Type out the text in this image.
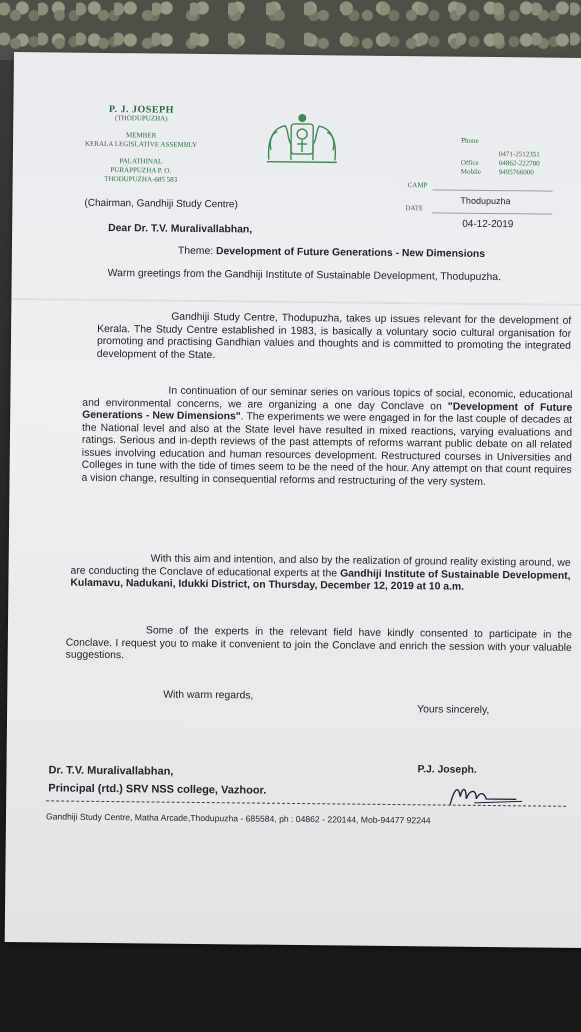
P. J. JOSEPH
(THODUPUZHA)
MEMBER
KERALA LEGISLATIVE ASSEMBLY
PALATHINAL
PURAPPUZHA P. O.
THODUPUZHA-685 583
Phone
0471-2512351
Office	04862-222780
Mobile	9495766000
CAMP
Thodupuzha
DATE
04-12-2019
(Chairman, Gandhiji Study Centre)
Dear Dr. T.V. Muralivallabhan,
Theme: Development of Future Generations - New Dimensions
Warm greetings from the Gandhiji Institute of Sustainable Development, Thodupuzha.
Gandhiji Study Centre, Thodupuzha, takes up issues relevant for the development of Kerala. The Study Centre established in 1983, is basically a voluntary socio cultural organisation for promoting and practising Gandhian values and thoughts and is committed to promoting the integrated development of the State.
In continuation of our seminar series on various topics of social, economic, educational and environmental concerns, we are organizing a one day Conclave on "Development of Future Generations - New Dimensions". The experiments we were engaged in for the last couple of decades at the National level and also at the State level have resulted in mixed reactions, varying evaluations and ratings. Serious and in-depth reviews of the past attempts of reforms warrant public debate on all related issues involving education and human resources development. Restructured courses in Universities and Colleges in tune with the tide of times seem to be the need of the hour. Any attempt on that count requires a vision change, resulting in consequential reforms and restructuring of the very system.
With this aim and intention, and also by the realization of ground reality existing around, we are conducting the Conclave of educational experts at the Gandhiji Institute of Sustainable Development, Kulamavu, Nadukani, Idukki District, on Thursday, December 12, 2019 at 10 a.m.
Some of the experts in the relevant field have kindly consented to participate in the Conclave. I request you to make it convenient to join the Conclave and enrich the session with your valuable suggestions.
With warm regards,
Yours sincerely,
P.J. Joseph.
Dr. T.V. Muralivallabhan,
Principal (rtd.) SRV NSS college, Vazhoor.
Gandhiji Study Centre, Matha Arcade,Thodupuzha - 685584, ph : 04862 - 220144, Mob-94477 92244
